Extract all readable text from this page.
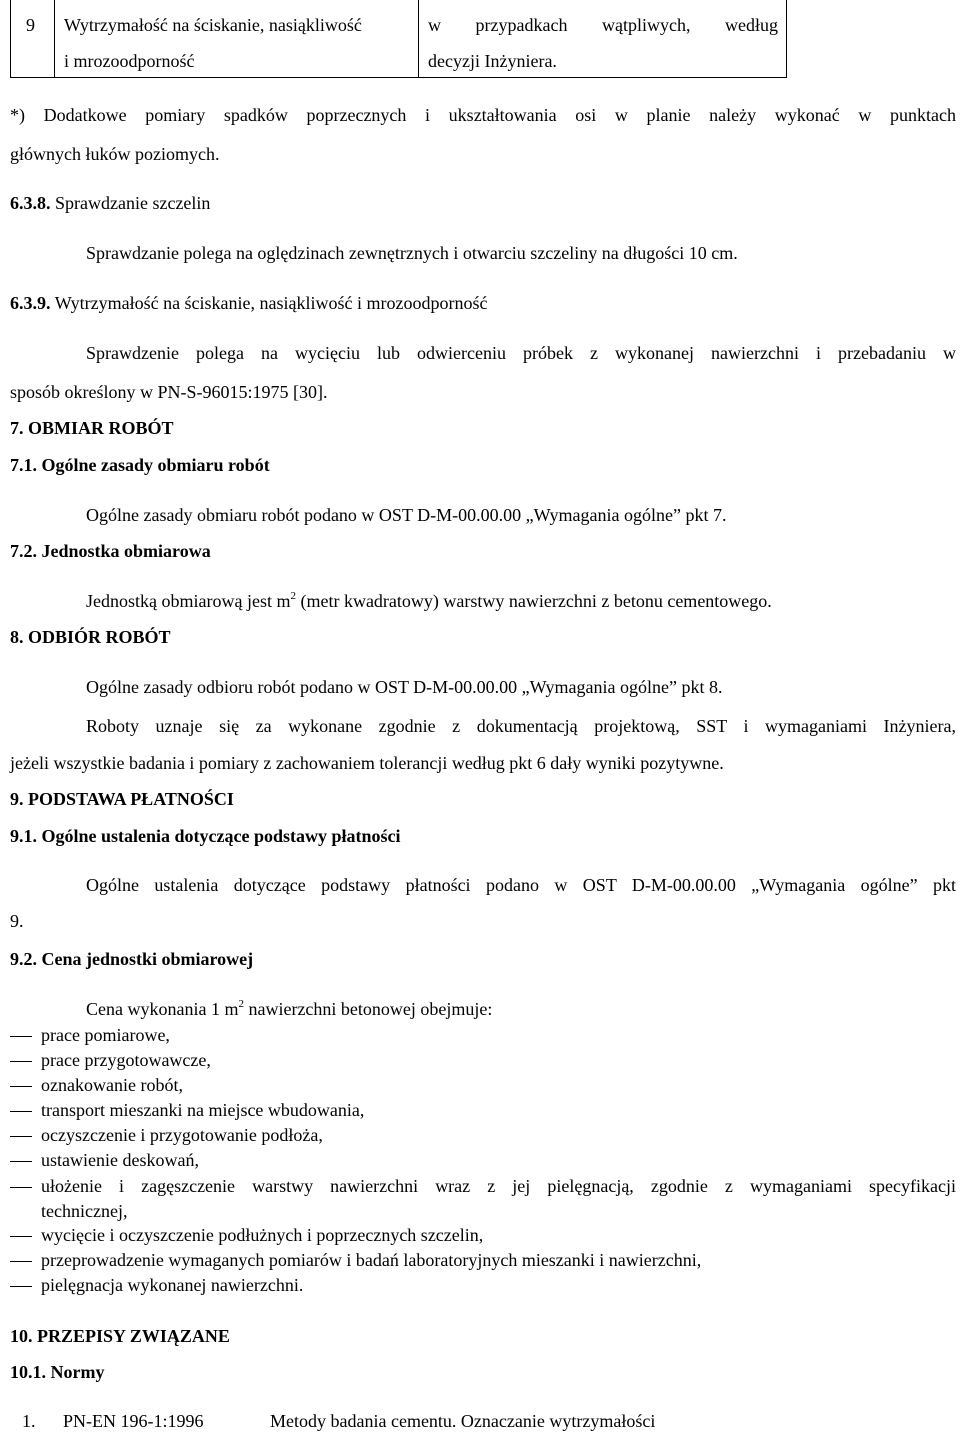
9 Wytrzymałość na ściskanie, nasiąkliwość
i mrozoodporność
w przypadkach wątpliwych, według
decyzji Inżyniera.
*) Dodatkowe pomiary spadków poprzecznych i ukształtowania osi w planie należy wykonać w punktach
głównych łuków poziomych.
6.3.8. Sprawdzanie szczelin
Sprawdzanie polega na oględzinach zewnętrznych i otwarciu szczeliny na długości 10 cm.
6.3.9. Wytrzymałość na ściskanie, nasiąkliwość i mrozoodporność
Sprawdzenie polega na wycięciu lub odwierceniu próbek z wykonanej nawierzchni i przebadaniu w
sposób określony w PN-S-96015:1975 [30].
7. OBMIAR ROBÓT
7.1. Ogólne zasady obmiaru robót
Ogólne zasady obmiaru robót podano w OST D-M-00.00.00 „Wymagania ogólne” pkt 7.
7.2. Jednostka obmiarowa
Jednostką obmiarową jest $m^2$ (metr kwadratowy) warstwy nawierzchni z betonu cementowego.
8. ODBIÓR ROBÓT
Ogólne zasady odbioru robót podano w OST D-M-00.00.00 „Wymagania ogólne” pkt 8.
Roboty uznaje się za wykonane zgodnie z dokumentacją projektową, SST i wymaganiami Inżyniera,
jeżeli wszystkie badania i pomiary z zachowaniem tolerancji według pkt 6 dały wyniki pozytywne.
9. PODSTAWA PŁATNOŚCI
9.1. Ogólne ustalenia dotyczące podstawy płatności
Ogólne ustalenia dotyczące podstawy płatności podano w OST D-M-00.00.00 „Wymagania ogólne” pkt
9.
9.2. Cena jednostki obmiarowej
Cena wykonania 1 $m^2$ nawierzchni betonowej obejmuje:
prace pomiarowe,
prace przygotowawcze,
oznakowanie robót,
transport mieszanki na miejsce wbudowania,
oczyszczenie i przygotowanie podłoża,
ustawienie deskowań,
ułożenie i zagęszczenie warstwy nawierzchni wraz z jej pielęgnacją, zgodnie z wymaganiami specyfikacji
technicznej,
wycięcie i oczyszczenie podłużnych i poprzecznych szczelin,
przeprowadzenie wymaganych pomiarów i badań laboratoryjnych mieszanki i nawierzchni,
pielęgnacja wykonanej nawierzchni.
10. PRZEPISY ZWIĄZANE
10.1. Normy
1. PN-EN 196-1:1996	Metody badania cementu. Oznaczanie wytrzymałości
